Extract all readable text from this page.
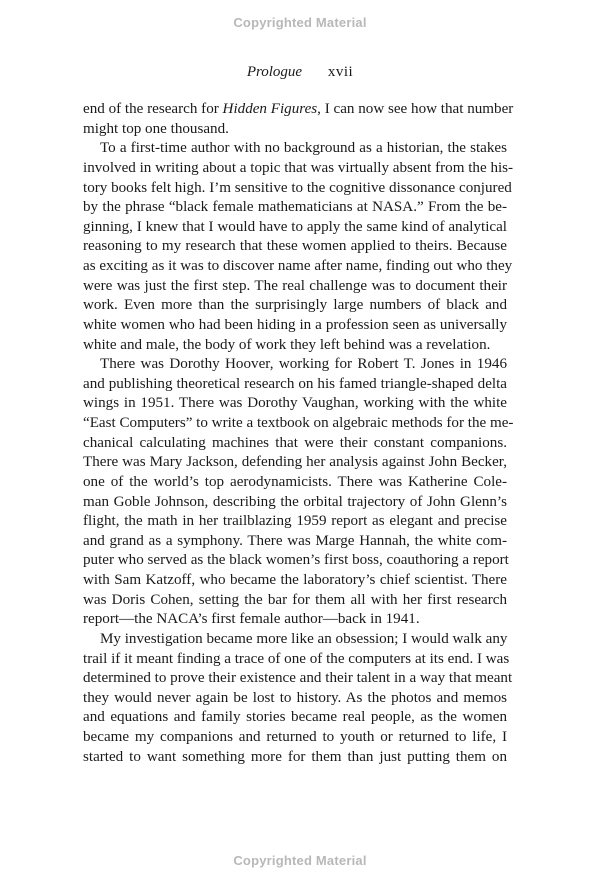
Copyrighted Material
Prologue xvii
end of the research for Hidden Figures, I can now see how that number
might top one thousand.
To a first-time author with no background as a historian, the stakes
involved in writing about a topic that was virtually absent from the his-
tory books felt high. I’m sensitive to the cognitive dissonance conjured
by the phrase “black female mathematicians at NASA.” From the be-
ginning, I knew that I would have to apply the same kind of analytical
reasoning to my research that these women applied to theirs. Because
as exciting as it was to discover name after name, finding out who they
were was just the first step. The real challenge was to document their
work. Even more than the surprisingly large numbers of black and
white women who had been hiding in a profession seen as universally
white and male, the body of work they left behind was a revelation.
There was Dorothy Hoover, working for Robert T. Jones in 1946
and publishing theoretical research on his famed triangle-shaped delta
wings in 1951. There was Dorothy Vaughan, working with the white
“East Computers” to write a textbook on algebraic methods for the me-
chanical calculating machines that were their constant companions.
There was Mary Jackson, defending her analysis against John Becker,
one of the world’s top aerodynamicists. There was Katherine Cole-
man Goble Johnson, describing the orbital trajectory of John Glenn’s
flight, the math in her trailblazing 1959 report as elegant and precise
and grand as a symphony. There was Marge Hannah, the white com-
puter who served as the black women’s first boss, coauthoring a report
with Sam Katzoff, who became the laboratory’s chief scientist. There
was Doris Cohen, setting the bar for them all with her first research
report—the NACA’s first female author—back in 1941.
My investigation became more like an obsession; I would walk any
trail if it meant finding a trace of one of the computers at its end. I was
determined to prove their existence and their talent in a way that meant
they would never again be lost to history. As the photos and memos
and equations and family stories became real people, as the women
became my companions and returned to youth or returned to life, I
started to want something more for them than just putting them on
Copyrighted Material
